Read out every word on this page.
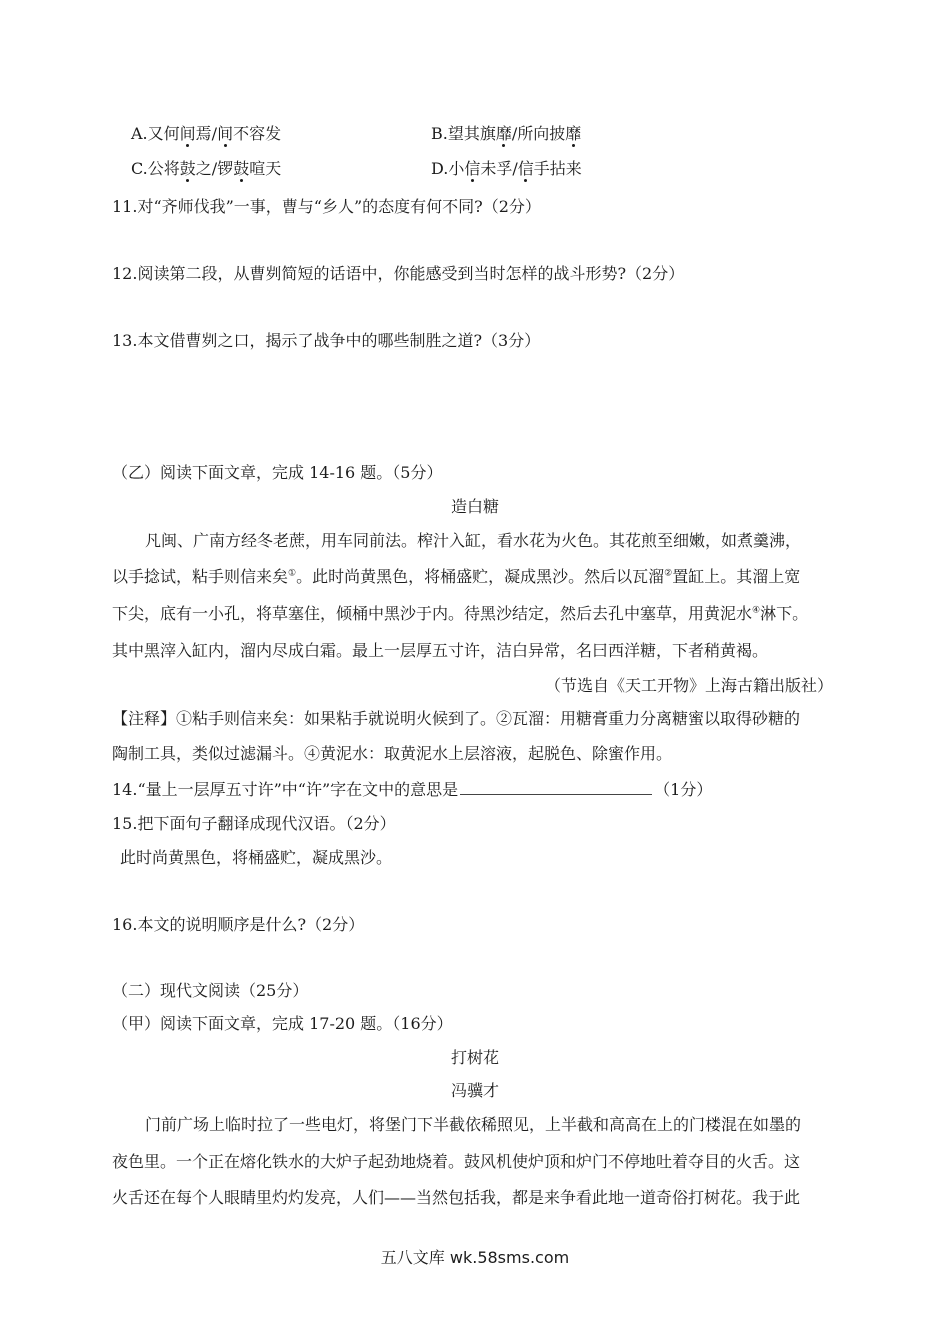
A.又何间焉/间不容发	B.望其旗靡/所向披靡
C.公将鼓之/锣鼓喧天	D.小信未孚/信手拈来
11.对“齐师伐我”一事，曹与“乡人”的态度有何不同?（2分）
12.阅读第二段，从曹刿简短的话语中，你能感受到当时怎样的战斗形势?（2分）
13.本文借曹刿之口，揭示了战争中的哪些制胜之道?（3分）
（乙）阅读下面文章，完成 14-16 题。（5分）
造白糖
凡闽、广南方经冬老蔗，用车同前法。榨汁入缸，看水花为火色。其花煎至细嫩，如煮羹沸，
以手捻试，粘手则信来矣①。此时尚黄黑色，将桶盛贮，凝成黑沙。然后以瓦溜②置缸上。其溜上宽
下尖，底有一小孔，将草塞住，倾桶中黑沙于内。待黑沙结定，然后去孔中塞草，用黄泥水④淋下。
其中黑滓入缸内，溜内尽成白霜。最上一层厚五寸许，洁白异常，名曰西洋糖，下者稍黄褐。
（节选自《天工开物》上海古籍出版社）
【注释】①粘手则信来矣：如果粘手就说明火候到了。②瓦溜：用糖膏重力分离糖蜜以取得砂糖的
陶制工具，类似过滤漏斗。④黄泥水：取黄泥水上层溶液，起脱色、除蜜作用。
14.“量上一层厚五寸许”中“许”字在文中的意思是	（1分）
15.把下面句子翻译成现代汉语。（2分）
此时尚黄黑色，将桶盛贮，凝成黑沙。
16.本文的说明顺序是什么?（2分）
（二）现代文阅读（25分）
（甲）阅读下面文章，完成 17-20 题。（16分）
打树花
冯骥才
门前广场上临时拉了一些电灯，将堡门下半截依稀照见，上半截和高高在上的门楼混在如墨的
夜色里。一个正在熔化铁水的大炉子起劲地烧着。鼓风机使炉顶和炉门不停地吐着夺目的火舌。这
火舌还在每个人眼睛里灼灼发亮，人们——当然包括我，都是来争看此地一道奇俗打树花。我于此
五八文库 wk.58sms.com
